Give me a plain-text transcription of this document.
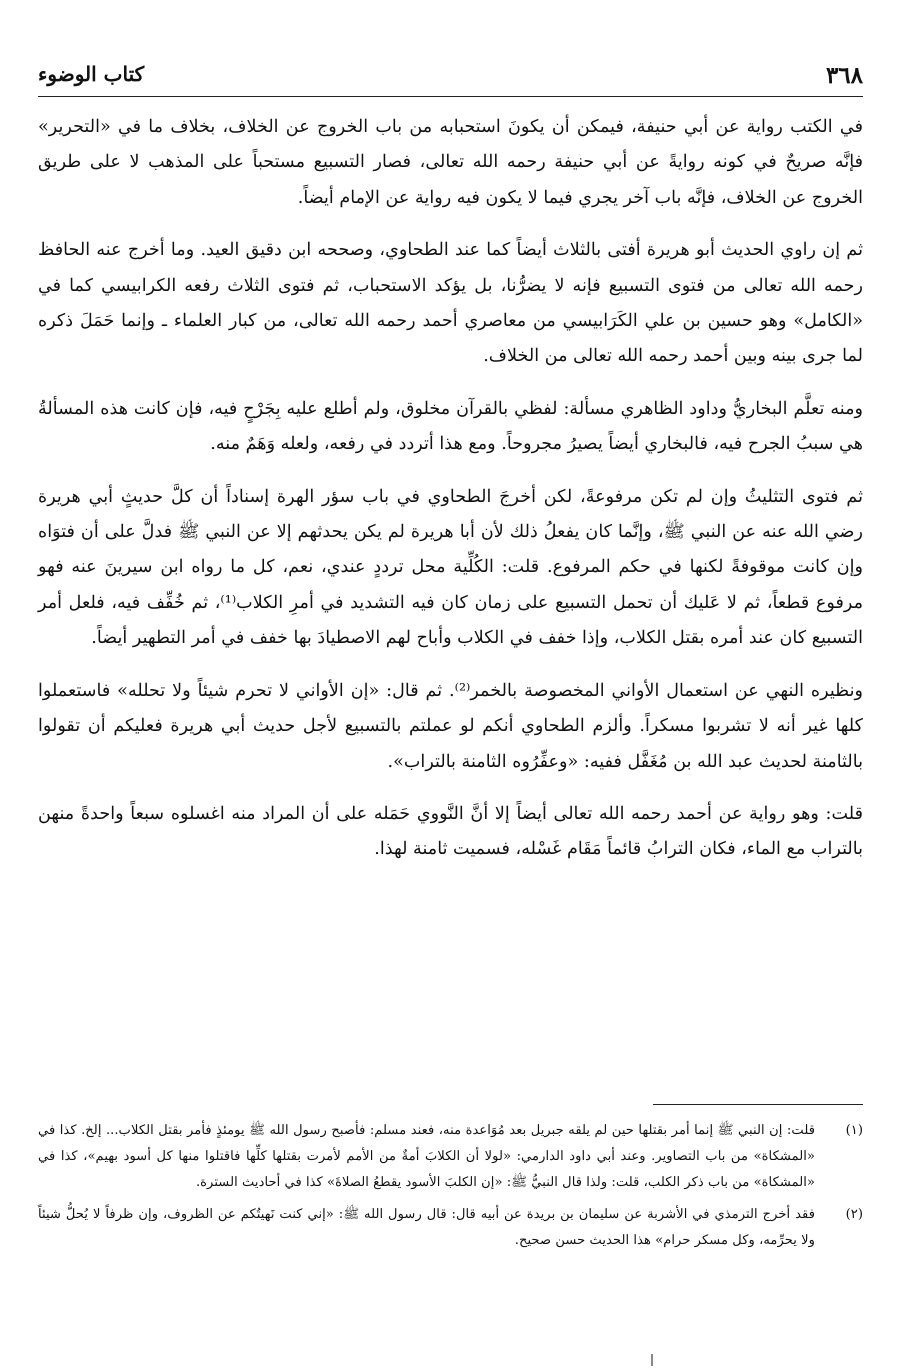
٣٦٨
كتاب الوضوء

في الكتب رواية عن أبي حنيفة، فيمكن أن يكونَ استحبابه من باب الخروج عن الخلاف، بخلاف ما في «التحرير» فإنَّه صريحٌ في كونه روايةً عن أبي حنيفة رحمه الله تعالى، فصار التسبيع مستحباً على المذهب لا على طريق الخروج عن الخلاف، فإنَّه باب آخر يجري فيما لا يكون فيه رواية عن الإمام أيضاً.

ثم إن راوي الحديث أبو هريرة أفتى بالثلاث أيضاً كما عند الطحاوي، وصححه ابن دقيق العيد. وما أخرج عنه الحافظ رحمه الله تعالى من فتوى التسبيع فإنه لا يضرُّنا، بل يؤكد الاستحباب، ثم فتوى الثلاث رفعه الكرابيسي كما في «الكامل» وهو حسين بن علي الكَرَابيسي من معاصري أحمد رحمه الله تعالى، من كبار العلماء ـ وإنما حَمَلَ ذكره لما جرى بينه وبين أحمد رحمه الله تعالى من الخلاف.

ومنه تعلَّم البخاريُّ وداود الظاهري مسألة: لفظي بالقرآن مخلوق، ولم أطلع عليه بِجَرْحٍ فيه، فإن كانت هذه المسألةُ هي سببُ الجرح فيه، فالبخاري أيضاً يصيرُ مجروحاً. ومع هذا أتردد في رفعه، ولعله وَهَمٌ منه.

ثم فتوى التثليثُ وإن لم تكن مرفوعةً، لكن أخرجَ الطحاوي في باب سؤر الهرة إسناداً أن كلَّ حديثٍ أبي هريرة رضي الله عنه عن النبي ﷺ، وإنَّما كان يفعلُ ذلك لأن أبا هريرة لم يكن يحدثهم إلا عن النبي ﷺ فدلَّ على أن فتوَاه وإن كانت موقوفةً لكنها في حكم المرفوع. قلت: الكُلِّية محل ترددٍ عندي، نعم، كل ما رواه ابن سيرينَ عنه فهو مرفوع قطعاً، ثم لا عَليك أن تحمل التسبيع على زمان كان فيه التشديد في أمرِ الكلاب⁽¹⁾، ثم خُفِّف فيه، فلعل أمر التسبيع كان عند أمره بقتل الكلاب، وإذا خفف في الكلاب وأباح لهم الاصطيادَ بها خفف في أمر التطهير أيضاً.

ونظيره النهي عن استعمال الأواني المخصوصة بالخمر⁽²⁾. ثم قال: «إن الأواني لا تحرم شيئاً ولا تحلله» فاستعملوا كلها غير أنه لا تشربوا مسكراً. وألزم الطحاوي أنكم لو عملتم بالتسبيع لأجل حديث أبي هريرة فعليكم أن تقولوا بالثامنة لحديث عبد الله بن مُغَفَّل ففيه: «وعفِّرُوه الثامنة بالتراب».

قلت: وهو رواية عن أحمد رحمه الله تعالى أيضاً إلا أنَّ النَّووي حَمَله على أن المراد منه اغسلوه سبعاً واحدةً منهن بالتراب مع الماء، فكان الترابُ قائماً مَقَام غَسْله، فسميت ثامنة لهذا.

(١)

قلت: إن النبي ﷺ إنما أمر بقتلها حين لم يلقه جبريل بعد مُوَاعدة منه، فعند مسلم: فأصبح رسول الله ﷺ يومئذٍ فأمر بقتل الكلاب... إلخ. كذا في «المشكاة» من باب التصاوير. وعند أبي داود الدارمي: «لولا أن الكلابَ أمةٌ من الأمم لأمرت بقتلها كلِّها فاقتلوا منها كل أسود بهيم»، كذا في «المشكاة» من باب ذكر الكلب، قلت: ولذا قال النبيُّ ﷺ: «إن الكلبَ الأسود يقطعُ الصلاةَ» كذا في أحاديث السترة.

(٢)

فقد أخرج الترمذي في الأشربة عن سليمان بن بريدة عن أبيه قال: قال رسول الله ﷺ: «إني كنت نَهيتُكم عن الظروف، وإن ظرفاً لا يُحلُّ شيئاً ولا يحرِّمه، وكل مسكر حرام» هذا الحديث حسن صحيح.
